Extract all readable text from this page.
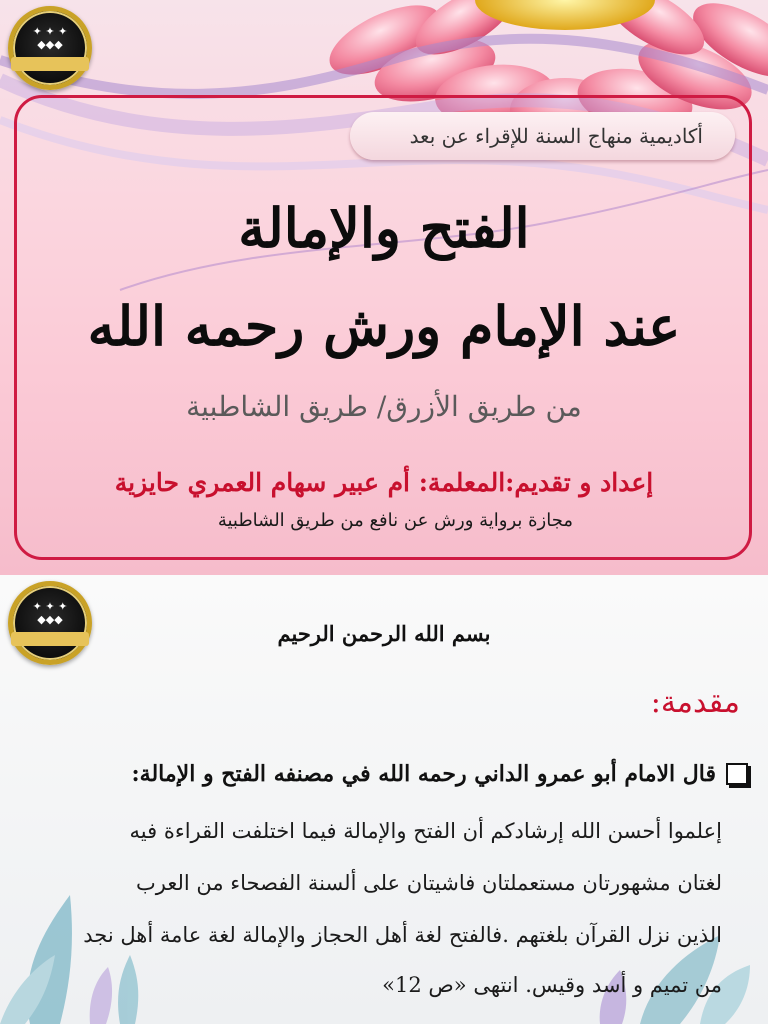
✦ ✦ ✦
◆◆◆
أكاديمية منهاج السنة للإقراء عن بعد
الفتح والإمالة
عند الإمام ورش رحمه الله
من طريق الأزرق/ طريق الشاطبية
إعداد و تقديم:المعلمة: أم عبير سهام العمري حايزية
مجازة برواية ورش عن نافع من طريق الشاطبية
✦ ✦ ✦
◆◆◆
بسم الله الرحمن الرحيم
مقدمة:
قال الامام أبو عمرو الداني رحمه الله في مصنفه الفتح و الإمالة:
إعلموا أحسن الله إرشادكم أن الفتح والإمالة فيما اختلفت القراءة فيه
لغتان مشهورتان مستعملتان فاشيتان على ألسنة الفصحاء من العرب
الذين نزل القرآن بلغتهم .فالفتح لغة أهل الحجاز والإمالة لغة عامة أهل نجد
من تميم و أسد وقيس. انتهى «ص 12»
